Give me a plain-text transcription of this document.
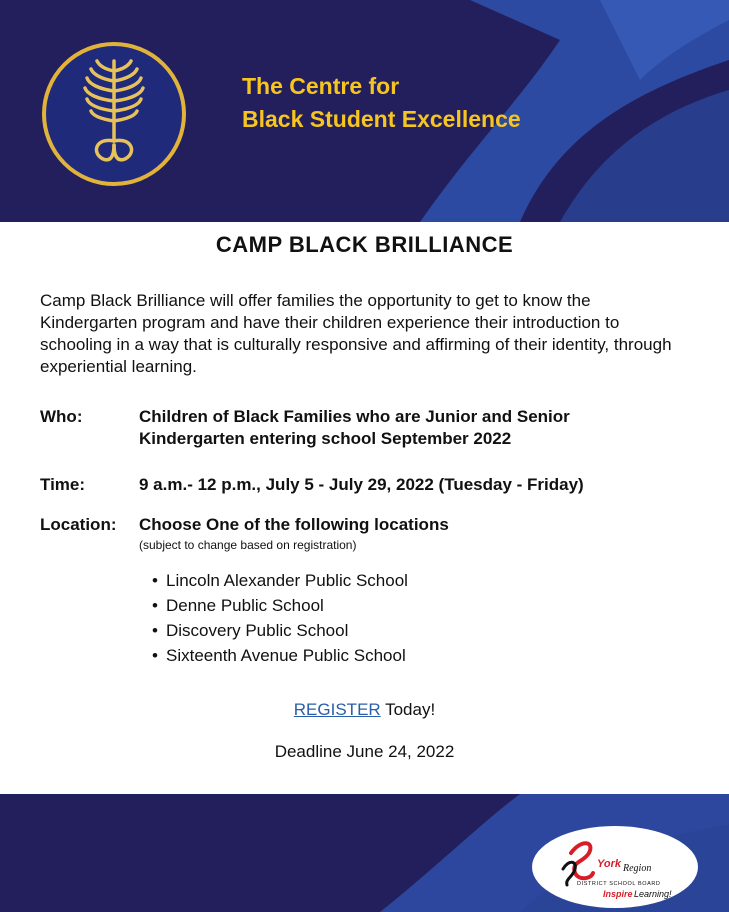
The Centre for
Black Student Excellence
CAMP BLACK BRILLIANCE
Camp Black Brilliance will offer families the opportunity to get to know the Kindergarten program and have their children experience their introduction to schooling in a way that is culturally responsive and affirming of their identity, through experiential learning.
Who:	Children of Black Families who are Junior and Senior
Kindergarten entering school September 2022
Time:	9 a.m.- 12 p.m., July 5 - July 29, 2022 (Tuesday - Friday)
Location: Choose One of the following locations
(subject to change based on registration)
• Lincoln Alexander Public School
• Denne Public School
• Discovery Public School
• Sixteenth Avenue Public School
REGISTER Today!
Deadline June 24, 2022
York Region
DISTRICT SCHOOL BOARD
Inspire Learning!
